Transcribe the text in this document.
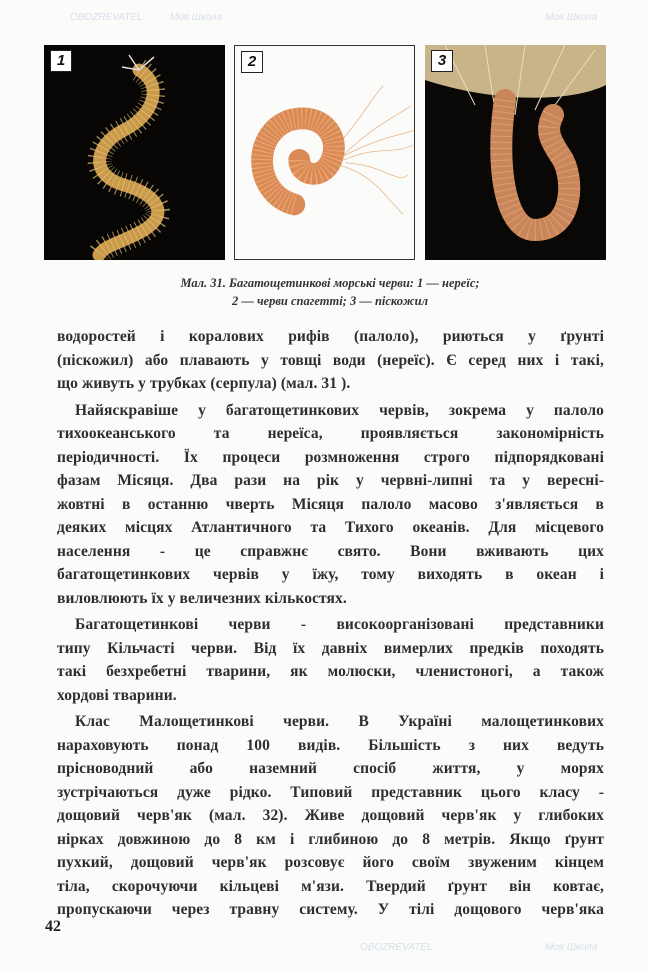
1	2	3
Мал. 31. Багатощетинкові морські черви: 1 — нереїс;
2 — черви спагетті; 3 — піскожил
водоростей і коралових рифів (палоло), риються у ґрунті
(піскожил) або плавають у товщі води (нереїс). Є серед них і такі,
що живуть у трубках (серпула) (мал. 31 ).
Найяскравіше у багатощетинкових червів, зокрема у палоло
тихоокеанського та нереїса, проявляється закономірність
періодичності. Їх процеси розмноження строго підпорядковані
фазам Місяця. Два рази на рік у червні-липні та у вересні-
жовтні в останню чверть Місяця палоло масово з'являється в
деяких місцях Атлантичного та Тихого океанів. Для місцевого
населення - це справжнє свято. Вони вживають цих
багатощетинкових червів у їжу, тому виходять в океан і
виловлюють їх у величезних кількостях.
Багатощетинкові черви - високоорганізовані представники
типу Кільчасті черви. Від їх давніх вимерлих предків походять
такі безхребетні тварини, як молюски, членистоногі, а також
хордові тварини.
Клас Малощетинкові черви. В Україні малощетинкових
нараховують понад 100 видів. Більшість з них ведуть
прісноводний або наземний спосіб життя, у морях
зустрічаються дуже рідко. Типовий представник цього класу -
дощовий черв'як (мал. 32). Живе дощовий черв'як у глибоких
нірках довжиною до 8 км і глибиною до 8 метрів. Якщо ґрунт
пухкий, дощовий черв'як розсовує його своїм звуженим кінцем
тіла, скорочуючи кільцеві м'язи. Твердий ґрунт він ковтає,
пропускаючи через травну систему. У тілі дощового черв'яка
42
Моя Школа
OBOZREVATEL	Моя Школа
Моя Школа
OBOZREVATEL
